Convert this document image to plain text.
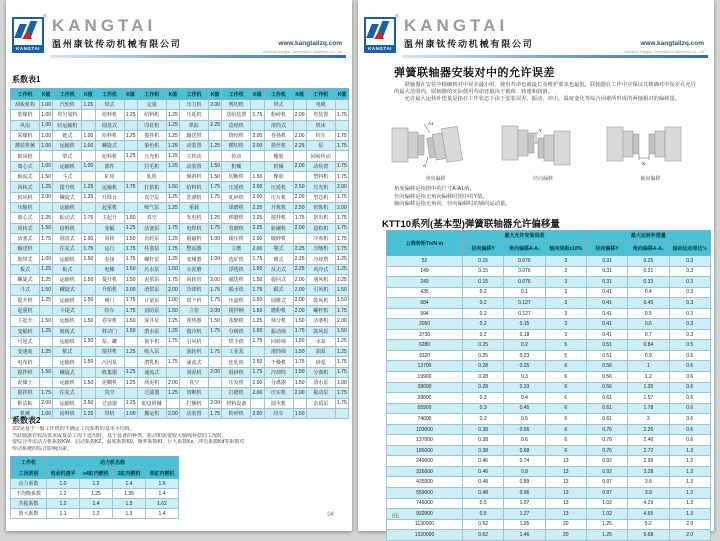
KANGTAI
® KANGTAI
温州康钛传动机械有限公司	www.kangtailzq.com
Wenzhou Kangtai Transmission Machinery Co., Ltd
系数表1
工作机	K值	工作机	K值	工作机	K值	工作机	K值	工作机	K值	工作机	K值	工作机	K值	工作机	K值
刮板机构	1.00	汽轮机	1.25	带式		定量		压力机	2.00	剪切机		带式		电缆	
装煤机	1.00	均匀加料		给料机	1.25	给料机	1.25	压延机		送给装置	1.75	粉碎机	2.00	卷装置	1.75
风扇	1.00	轻运输机		圆盘式		印花机	1.25	烘缸	2.25	造纸机		滚筒式		机床	
采煤机	1.00	链式	1.00	给料机	1.25	搅拌机	1.25	输送带		烧结机	2.00	卷扬机	2.00	绞车	1.75
灌装机械	1.00	运输机	1.00	螺旋式		染色机	1.25	动装置	1.25	横切机	2.00	搓丝机	2.25	泵	1.75
鼓风机		带式		给料机	1.25	压光机	1.25	主传动		传动		橡胶		回转传动	
离心式	1.00	运输机	1.00	部件		拉毛机	1.25	动装置	1.50	机械		机械	2.00	动装置	1.75
轴流式	1.50	斗式		矿用		轧机		倾斜机	1.50	切断机	1.50	橡胶		塑料机	1.75
回转式	1.25	提升机	1.25	运输机	1.75	打浆机	1.50	给料机	1.75	压延机	2.00	压延机	2.50	压光机	2.00
鼓风机	2.00	螺旋式	1.25	升降台		真空泵	1.25	洗涤机	1.75	轧碎机	2.00	压片机	2.00	型芯机	1.75
压缩机		运输机		起重机		吸气泵	1.25	重载		球磨机	2.25	开炼机	2.50	密炼机	2.00
离心式	1.25	振动式	1.75	主起升	1.50	真空		发电机	1.25	棒磨机	2.25	搅拌机	1.75	挤出机	1.75
回转式	1.50	给料机		变幅	1.25	活塞泵	1.75	电焊机	1.75	管磨机	2.25	轮碾机	2.00	造粒机	1.75
活塞式	1.75	圆盘式	1.00	回转	1.50	齿轮泵	1.25	励磁机	1.00	辊压机	2.00	破碎机		冷冻机	1.75
输送机		往复式	1.75	运行	1.75	柱塞泵	1.75	整流器		立磨	2.00	颚式	2.25	压缩机	1.75
胶带式	1.00	运输机	1.50	卷扬	1.75	螺杆泵	1.25	变频器	1.00	选矿机	1.75	锤式	2.25	冷却塔	1.25
板式	1.25	板式		电梯	1.50	污水泵	1.50	水泥磨		浮选机	1.50	反击式	2.25	风冷式	1.25
螺旋式	1.25	运输机	1.50	提升机	1.50	泥浆泵	1.75	回转窑	2.00	磁选机	1.50	旋回式	2.00	通风机	1.25
斗式	1.50	螺旋式		升船机	2.00	渣浆泵	2.00	冷却机	1.75	脱水机	1.75	辊式	2.00	引风机	1.50
提升机	1.25	运输机	1.50	闸门	1.75	计量泵	1.00	烘干机	1.75	压滤机	1.50	圆锥式	2.00	鼓风机	1.50
起重机		斗提式		绞车	1.75	消防泵	1.50	立窑	2.00	搅拌桶	1.50	磨粉机	2.00	螺杆机	1.75
主起升	1.50	运输机	1.50	卷帘机	1.50	深井泵	1.25	预热器	1.50	浓缩机	1.25	筛分机	1.50	活塞机	2.00
变幅机	1.25	链板式		移动门	1.50	潜水泵	1.25	篦冷机	1.75	分级机	1.50	振动筛	1.75	鼓风泵	1.50
可逆式		运输机	1.50	泵、罐		抽手机	1.75	引风机		烘手机	1.75	回转筛	1.50	水泵	1.25
变速度	1.25	框式		搅拌机	1.25	吸入泵		涡轮机	1.75	工业泵		滚筒筛	1.50	油泵	1.25
电布机		运输机	1.50	污因泵		潜乳机	1.75	递流式		连轧机	2.50	干燥机	1.75	砂泵	1.75
搅拌机	1.50	螺旋式		收集器	1.25	递流式		刮泥机	2.00	混砂机	1.75	冷却筒	1.50	分离机	1.75
泥煤土		运输机	1.50	泥糊机	1.25	刮泥机	2.00	真空		压发机	2.00	分离器	1.50	清水泵	1.00
搅拌机	1.75	往复式		真空		过滤器	1.25	切断机		打磨机	2.00	压实机	2.00	振动泵	1.75
鞋沾粘	2.00	运输机	2.50	过滤器	1.25	助设机械		打捆机	2.00	材料设备		圆木机		杂质泵	1.75
机械	1.00	给料机	1.25	带机	1.00	搬运机	2.00	动装置	1.75	粉碎机	2.00	绞车	1.50		
系数表2
表2是基于一般工作机的不确定工况系数的基本平均值。
当联轴器在较高要求或复杂工况下选用时，基于设备的种类、振动和需要较大轴线补偿的工况时，
要综合考虑动力机系数KW、启动系数KZ、温度系数K0、频率系数Kf、巨大系数Ks、冲击系数Kd等系数对
传动系统的综合影响因素。
工作机	动力机名称			
工况类别	电动机透平	≥4缸内燃机	2缸内燃机	单缸内燃机
动力系数	1.0	1.2	1.4	1.6
不均衡系数	1.2	1.25	1.35	1.4
共振系数	1.2	1.4	1.5	1.62
放大系数	1.1	1.2	1.3	1.4	04
KANGTAI
® KANGTAI
温州康钛传动机械有限公司	www.kangtailzq.com
Wenzhou Kangtai Transmission Machinery Co., Ltd
弹簧联轴器安装对中的允许误差

联轴器在安装中精确到对中误差最小时，使用寿命也就最长及维护要求也最低，联轴器在工作中应保证其精确对中误差在允许的最大范围内，联轴器的实际使用寿命还取决于载荷、转速和润滑。

允许最大运转补偿量是指在工作状态下由于安装误差、振动、冲击、温度变化等综合因素所形成的两轴相对的偏移量。

A1
A
角向偏移
Y
径向偏移
X
轴向偏移
角度偏移是指图中的尺寸A-A1值。
径向偏移是指无角向偏移时图中的Y值。
轴向偏移是指无角向、径向偏移时的轴向运动量。
KTT10系列(基本型)弹簧联轴器允许偏移量
公称转矩Tn/N·m	最大允许安装误差			最大运转补偿量		
	径向偏移Y	角向偏移A-A₁	轴向间距±10%	径向偏移Y	角向偏移A-A₁	轴向运动单边½
52	0.15	0.076	3	0.31	0.25	0.3
149	0.15	0.076	3	0.31	0.31	0.3
249	0.15	0.076	3	0.31	0.33	0.3
435	0.2	0.1	3	0.41	0.4	0.3
684	0.2	0.127	3	0.41	0.45	0.3
994	0.2	0.127	3	0.41	0.5	0.3
2050	0.2	0.15	3	0.41	0.6	0.3
3730	0.2	0.18	3	0.41	0.7	0.3
6280	0.25	0.2	5	0.51	0.84	0.5
9320	0.25	0.23	5	0.51	0.9	0.5
13700	0.28	0.25	6	0.56	1	0.6
19900	0.28	0.3	6	0.56	1.2	0.6
28600	0.28	0.33	6	0.56	1.35	0.6
39800	0.3	0.4	6	0.61	1.57	0.6
55900	0.3	0.45	6	0.61	1.78	0.6
74600	0.3	0.5	6	0.61	2	0.6
103000	0.38	0.56	6	0.76	2.26	0.6
137000	0.38	0.6	6	0.76	2.46	0.6
186000	0.38	0.68	6	0.76	2.72	1.3
249000	0.46	0.74	13	0.92	2.99	1.3
326000	0.46	0.8	13	0.92	3.28	1.3
435000	0.48	0.89	13	0.97	3.6	1.3
559000	0.48	0.96	13	0.97	3.9	1.3
746000	0.5	1.07	13	1.02	4.29	1.3
932000	0.5	1.27	13	1.02	4.65	1.3
1130000	0.62	1.35	20	1.25	5.2	2.0
1320000	0.62	1.46	20	1.25	5.68	2.0
05
